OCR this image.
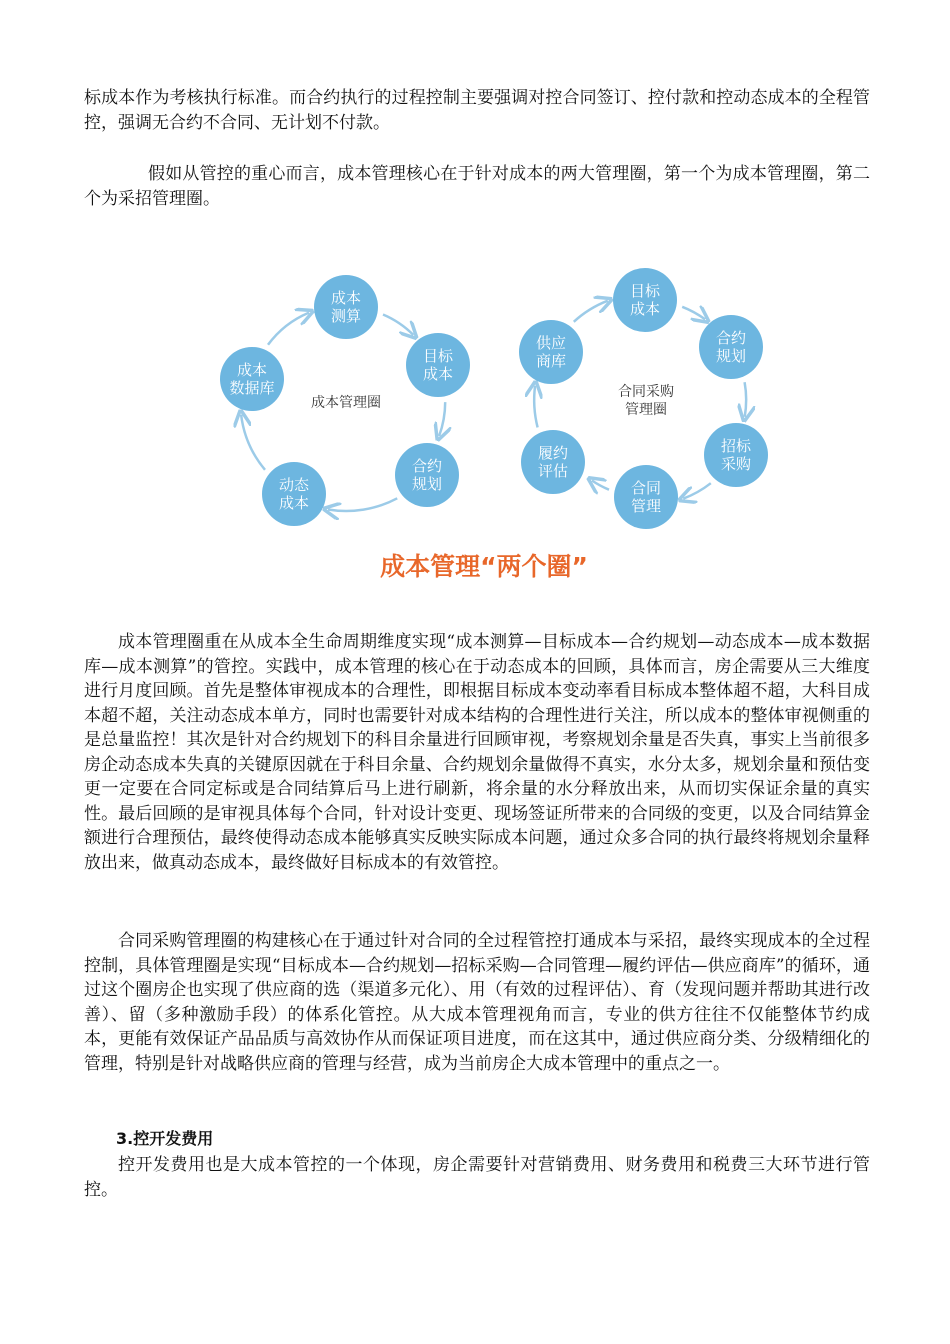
标成本作为考核执行标准。而合约执行的过程控制主要强调对控合同签订、控付款和控动态成本的全程管控，强调无合约不合同、无计划不付款。

假如从管控的重心而言，成本管理核心在于针对成本的两大管理圈，第一个为成本管理圈，第二个为采招管理圈。

成本
测算
目标
成本
合约
规划
动态
成本
成本
数据库
成本管理圈
目标
成本
合约
规划
招标
采购
合同
管理
履约
评估
供应
商库
合同采购
管理圈
成本管理“两个圈”

成本管理圈重在从成本全生命周期维度实现“成本测算—目标成本—合约规划—动态成本—成本数据库—成本测算”的管控。实践中，成本管理的核心在于动态成本的回顾，具体而言，房企需要从三大维度进行月度回顾。首先是整体审视成本的合理性，即根据目标成本变动率看目标成本整体超不超，大科目成本超不超，关注动态成本单方，同时也需要针对成本结构的合理性进行关注，所以成本的整体审视侧重的是总量监控！其次是针对合约规划下的科目余量进行回顾审视，考察规划余量是否失真，事实上当前很多房企动态成本失真的关键原因就在于科目余量、合约规划余量做得不真实，水分太多，规划余量和预估变更一定要在合同定标或是合同结算后马上进行刷新，将余量的水分释放出来，从而切实保证余量的真实性。最后回顾的是审视具体每个合同，针对设计变更、现场签证所带来的合同级的变更，以及合同结算金额进行合理预估，最终使得动态成本能够真实反映实际成本问题，通过众多合同的执行最终将规划余量释放出来，做真动态成本，最终做好目标成本的有效管控。

合同采购管理圈的构建核心在于通过针对合同的全过程管控打通成本与采招，最终实现成本的全过程控制，具体管理圈是实现“目标成本—合约规划—招标采购—合同管理—履约评估—供应商库”的循环，通过这个圈房企也实现了供应商的选（渠道多元化）、用（有效的过程评估）、育（发现问题并帮助其进行改善）、留（多种激励手段）的体系化管控。从大成本管理视角而言，专业的供方往往不仅能整体节约成本，更能有效保证产品品质与高效协作从而保证项目进度，而在这其中，通过供应商分类、分级精细化的管理，特别是针对战略供应商的管理与经营，成为当前房企大成本管理中的重点之一。

3.控开发费用

控开发费用也是大成本管控的一个体现，房企需要针对营销费用、财务费用和税费三大环节进行管控。
